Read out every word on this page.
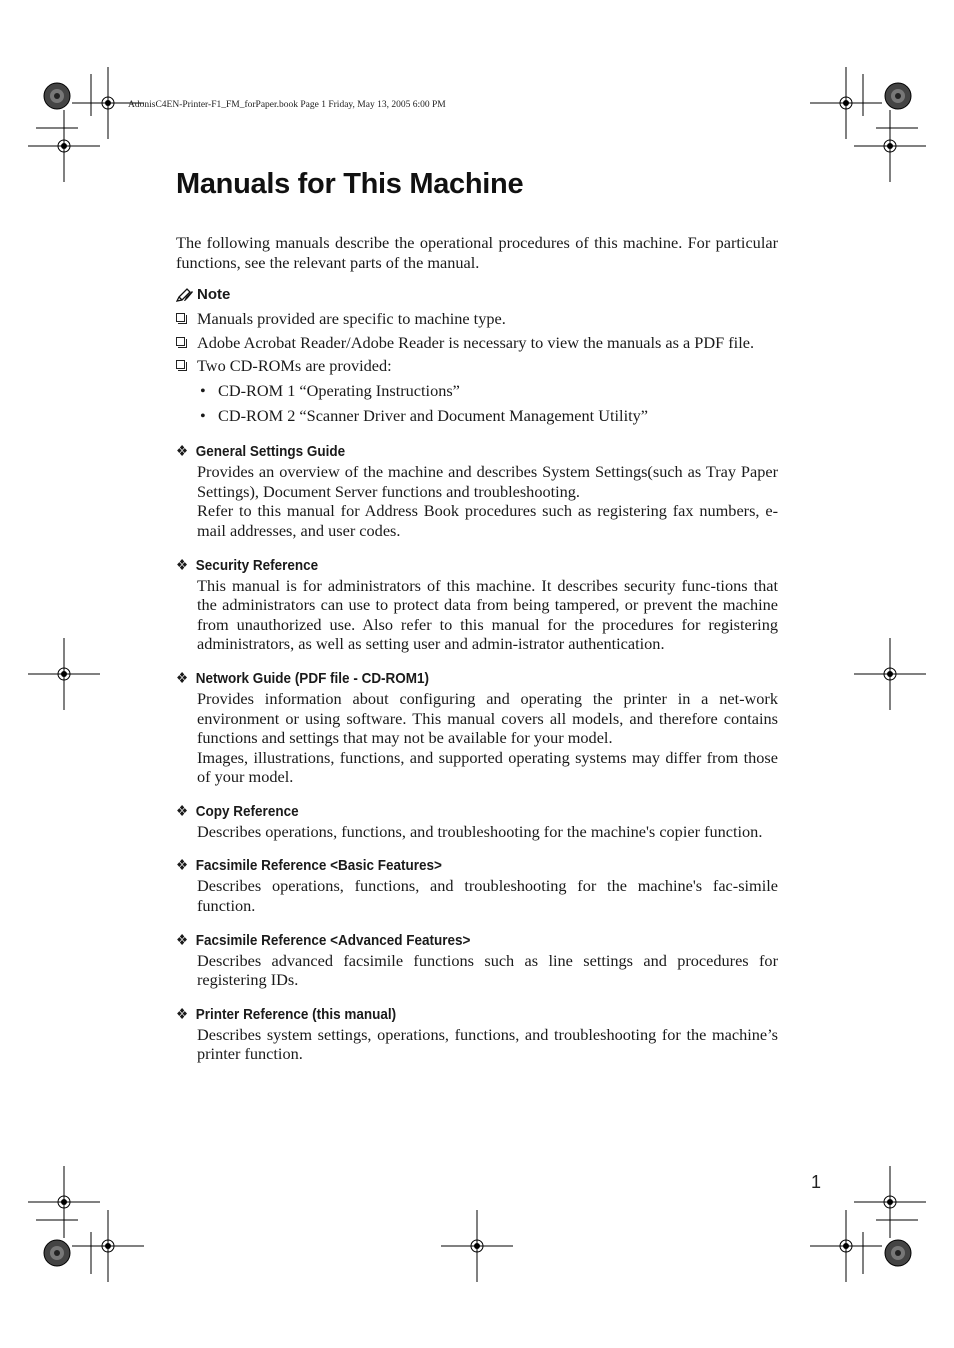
AdonisC4EN-Printer-F1_FM_forPaper.book Page 1 Friday, May 13, 2005 6:00 PM
Manuals for This Machine

The following manuals describe the operational procedures of this machine. For particular functions, see the relevant parts of the manual.

Note
Manuals provided are specific to machine type.
Adobe Acrobat Reader/Adobe Reader is necessary to view the manuals as a PDF file.
Two CD-ROMs are provided:
• CD-ROM 1 “Operating Instructions”
• CD-ROM 2 “Scanner Driver and Document Management Utility”
❖ General Settings Guide

Provides an overview of the machine and describes System Settings(such as Tray Paper Settings), Document Server functions and troubleshooting.

Refer to this manual for Address Book procedures such as registering fax numbers, e-mail addresses, and user codes.

❖ Security Reference

This manual is for administrators of this machine. It describes security func-tions that the administrators can use to protect data from being tampered, or prevent the machine from unauthorized use. Also refer to this manual for the procedures for registering administrators, as well as setting user and admin-istrator authentication.

❖ Network Guide (PDF file - CD-ROM1)

Provides information about configuring and operating the printer in a net-work environment or using software. This manual covers all models, and therefore contains functions and settings that may not be available for your model.

Images, illustrations, functions, and supported operating systems may differ from those of your model.

❖ Copy Reference

Describes operations, functions, and troubleshooting for the machine's copier function.

❖ Facsimile Reference <Basic Features>

Describes operations, functions, and troubleshooting for the machine's fac-simile function.

❖ Facsimile Reference <Advanced Features>

Describes advanced facsimile functions such as line settings and procedures for registering IDs.

❖ Printer Reference (this manual)

Describes system settings, operations, functions, and troubleshooting for the machine’s printer function.

1
